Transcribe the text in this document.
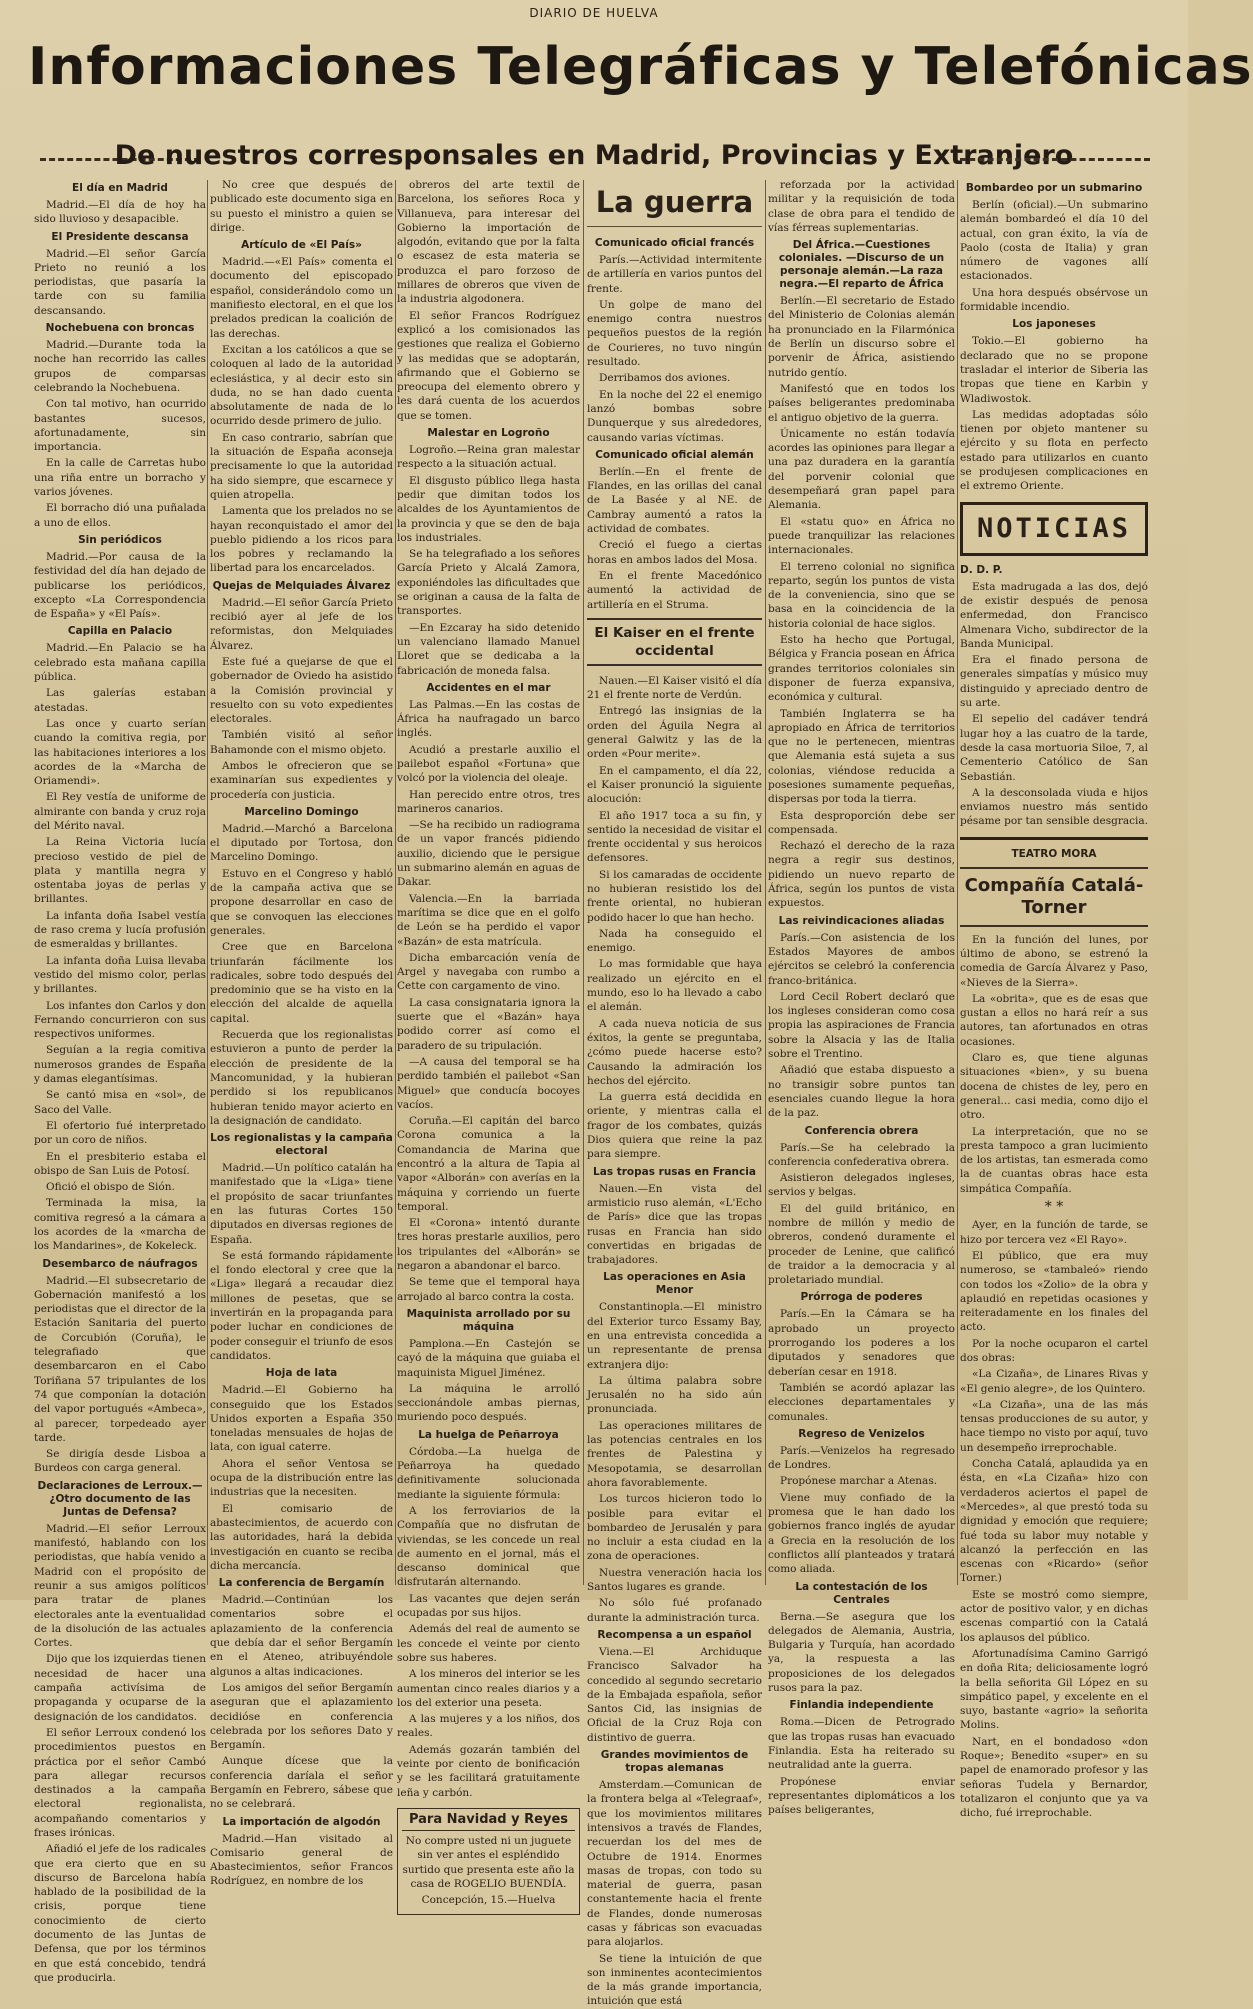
DIARIO DE HUELVA
Informaciones Telegráficas y Telefónicas
De nuestros corresponsales en Madrid, Provincias y Extranjero
El día en Madrid

Madrid.—El día de hoy ha sido lluvioso y desapacible.

El Presidente descansa

Madrid.—El señor García Prieto no reunió a los periodistas, que pasaría la tarde con su familia descansando.

Nochebuena con broncas

Madrid.—Durante toda la noche han recorrido las calles grupos de comparsas celebrando la Nochebuena.

Con tal motivo, han ocurrido bastantes sucesos, afortunadamente, sin importancia.

En la calle de Carretas hubo una riña entre un borracho y varios jóvenes.

El borracho dió una puñalada a uno de ellos.

Sin periódicos

Madrid.—Por causa de la festividad del día han dejado de publicarse los periódicos, excepto «La Correspondencia de España» y «El País».

Capilla en Palacio

Madrid.—En Palacio se ha celebrado esta mañana capilla pública.

Las galerías estaban atestadas.

Las once y cuarto serían cuando la comitiva regia, por las habitaciones interiores a los acordes de la «Marcha de Oriamendi».

El Rey vestía de uniforme de almirante con banda y cruz roja del Mérito naval.

La Reina Victoria lucía precioso vestido de piel de plata y mantilla negra y ostentaba joyas de perlas y brillantes.

La infanta doña Isabel vestía de raso crema y lucía profusión de esmeraldas y brillantes.

La infanta doña Luisa llevaba vestido del mismo color, perlas y brillantes.

Los infantes don Carlos y don Fernando concurrieron con sus respectivos uniformes.

Seguían a la regia comitiva numerosos grandes de España y damas elegantísimas.

Se cantó misa en «sol», de Saco del Valle.

El ofertorio fué interpretado por un coro de niños.

En el presbiterio estaba el obispo de San Luis de Potosí.

Ofició el obispo de Sión.

Terminada la misa, la comitiva regresó a la cámara a los acordes de la «marcha de los Mandarines», de Kokeleck.

Desembarco de náufragos

Madrid.—El subsecretario de Gobernación manifestó a los periodistas que el director de la Estación Sanitaria del puerto de Corcubión (Coruña), le telegrafiado que desembarcaron en el Cabo Toriñana 57 tripulantes de los 74 que componían la dotación del vapor portugués «Ambeca», al parecer, torpedeado ayer tarde.

Se dirigía desde Lisboa a Burdeos con carga general.

Declaraciones de Lerroux.—¿Otro documento de las Juntas de Defensa?

Madrid.—El señor Lerroux manifestó, hablando con los periodistas, que había venido a Madrid con el propósito de reunir a sus amigos políticos para tratar de planes electorales ante la eventualidad de la disolución de las actuales Cortes.

Dijo que los izquierdas tienen necesidad de hacer una campaña activísima de propaganda y ocuparse de la designación de los candidatos.

El señor Lerroux condenó los procedimientos puestos en práctica por el señor Cambó para allegar recursos destinados a la campaña electoral regionalista, acompañando comentarios y frases irónicas.

Añadió el jefe de los radicales que era cierto que en su discurso de Barcelona había hablado de la posibilidad de la crisis, porque tiene conocimiento de cierto documento de las Juntas de Defensa, que por los términos en que está concebido, tendrá que producirla.

No cree que después de publicado este documento siga en su puesto el ministro a quien se dirige.

Artículo de «El País»

Madrid.—«El País» comenta el documento del episcopado español, considerándolo como un manifiesto electoral, en el que los prelados predican la coalición de las derechas.

Excitan a los católicos a que se coloquen al lado de la autoridad eclesiástica, y al decir esto sin duda, no se han dado cuenta absolutamente de nada de lo ocurrido desde primero de julio.

En caso contrario, sabrían que la situación de España aconseja precisamente lo que la autoridad ha sido siempre, que escarnece y quien atropella.

Lamenta que los prelados no se hayan reconquistado el amor del pueblo pidiendo a los ricos para los pobres y reclamando la libertad para los encarcelados.

Quejas de Melquiades Álvarez

Madrid.—El señor García Prieto recibió ayer al jefe de los reformistas, don Melquiades Álvarez.

Este fué a quejarse de que el gobernador de Oviedo ha asistido a la Comisión provincial y resuelto con su voto expedientes electorales.

También visitó al señor Bahamonde con el mismo objeto.

Ambos le ofrecieron que se examinarían sus expedientes y procedería con justicia.

Marcelino Domingo

Madrid.—Marchó a Barcelona el diputado por Tortosa, don Marcelino Domingo.

Estuvo en el Congreso y habló de la campaña activa que se propone desarrollar en caso de que se convoquen las elecciones generales.

Cree que en Barcelona triunfarán fácilmente los radicales, sobre todo después del predominio que se ha visto en la elección del alcalde de aquella capital.

Recuerda que los regionalistas estuvieron a punto de perder la elección de presidente de la Mancomunidad, y la hubieran perdido si los republicanos hubieran tenido mayor acierto en la designación de candidato.

Los regionalistas y la campaña electoral

Madrid.—Un político catalán ha manifestado que la «Liga» tiene el propósito de sacar triunfantes en las futuras Cortes 150 diputados en diversas regiones de España.

Se está formando rápidamente el fondo electoral y cree que la «Liga» llegará a recaudar diez millones de pesetas, que se invertirán en la propaganda para poder luchar en condiciones de poder conseguir el triunfo de esos candidatos.

Hoja de lata

Madrid.—El Gobierno ha conseguido que los Estados Unidos exporten a España 350 toneladas mensuales de hojas de lata, con igual caterre.

Ahora el señor Ventosa se ocupa de la distribución entre las industrias que la necesiten.

El comisario de abastecimientos, de acuerdo con las autoridades, hará la debida investigación en cuanto se reciba dicha mercancía.

La conferencia de Bergamín

Madrid.—Continúan los comentarios sobre el aplazamiento de la conferencia que debía dar el señor Bergamín en el Ateneo, atribuyéndole algunos a altas indicaciones.

Los amigos del señor Bergamín aseguran que el aplazamiento decidióse en conferencia celebrada por los señores Dato y Bergamín.

Aunque dícese que la conferencia daríala el señor Bergamín en Febrero, sábese que no se celebrará.

La importación de algodón

Madrid.—Han visitado al Comisario general de Abastecimientos, señor Francos Rodríguez, en nombre de los

obreros del arte textil de Barcelona, los señores Roca y Villanueva, para interesar del Gobierno la importación de algodón, evitando que por la falta o escasez de esta materia se produzca el paro forzoso de millares de obreros que viven de la industria algodonera.

El señor Francos Rodríguez explicó a los comisionados las gestiones que realiza el Gobierno y las medidas que se adoptarán, afirmando que el Gobierno se preocupa del elemento obrero y les dará cuenta de los acuerdos que se tomen.

Malestar en Logroño

Logroño.—Reina gran malestar respecto a la situación actual.

El disgusto público llega hasta pedir que dimitan todos los alcaldes de los Ayuntamientos de la provincia y que se den de baja los industriales.

Se ha telegrafiado a los señores García Prieto y Alcalá Zamora, exponiéndoles las dificultades que se originan a causa de la falta de transportes.

—En Ezcaray ha sido detenido un valenciano llamado Manuel Lloret que se dedicaba a la fabricación de moneda falsa.

Accidentes en el mar

Las Palmas.—En las costas de África ha naufragado un barco inglés.

Acudió a prestarle auxilio el pailebot español «Fortuna» que volcó por la violencia del oleaje.

Han perecido entre otros, tres marineros canarios.

—Se ha recibido un radiograma de un vapor francés pidiendo auxilio, diciendo que le persigue un submarino alemán en aguas de Dakar.

Valencia.—En la barriada marítima se dice que en el golfo de León se ha perdido el vapor «Bazán» de esta matrícula.

Dicha embarcación venía de Argel y navegaba con rumbo a Cette con cargamento de vino.

La casa consignataria ignora la suerte que el «Bazán» haya podido correr así como el paradero de su tripulación.

—A causa del temporal se ha perdido también el pailebot «San Miguel» que conducía bocoyes vacíos.

Coruña.—El capitán del barco Corona comunica a la Comandancia de Marina que encontró a la altura de Tapia al vapor «Alborán» con averías en la máquina y corriendo un fuerte temporal.

El «Corona» intentó durante tres horas prestarle auxilios, pero los tripulantes del «Alborán» se negaron a abandonar el barco.

Se teme que el temporal haya arrojado al barco contra la costa.

Maquinista arrollado por su máquina

Pamplona.—En Castejón se cayó de la máquina que guiaba el maquinista Miguel Jiménez.

La máquina le arrolló seccionándole ambas piernas, muriendo poco después.

La huelga de Peñarroya

Córdoba.—La huelga de Peñarroya ha quedado definitivamente solucionada mediante la siguiente fórmula:

A los ferroviarios de la Compañía que no disfrutan de viviendas, se les concede un real de aumento en el jornal, más el descanso dominical que disfrutarán alternando.

Las vacantes que dejen serán ocupadas por sus hijos.

Además del real de aumento se les concede el veinte por ciento sobre sus haberes.

A los mineros del interior se les aumentan cinco reales diarios y a los del exterior una peseta.

A las mujeres y a los niños, dos reales.

Además gozarán también del veinte por ciento de bonificación y se les facilitará gratuitamente leña y carbón.

Para Navidad y Reyes

No compre usted ni un juguete sin ver antes el espléndido surtido que presenta este año la casa de ROGELIO BUENDÍA.

Concepción, 15.—Huelva

La guerra
Comunicado oficial francés

París.—Actividad intermitente de artillería en varios puntos del frente.

Un golpe de mano del enemigo contra nuestros pequeños puestos de la región de Courieres, no tuvo ningún resultado.

Derribamos dos aviones.

En la noche del 22 el enemigo lanzó bombas sobre Dunquerque y sus alrededores, causando varias víctimas.

Comunicado oficial alemán

Berlín.—En el frente de Flandes, en las orillas del canal de La Basée y al NE. de Cambray aumentó a ratos la actividad de combates.

Creció el fuego a ciertas horas en ambos lados del Mosa.

En el frente Macedónico aumentó la actividad de artillería en el Struma.

El Kaiser en el frente occidental

Nauen.—El Kaiser visitó el día 21 el frente norte de Verdún.

Entregó las insignias de la orden del Águila Negra al general Galwitz y las de la orden «Pour merite».

En el campamento, el día 22, el Kaiser pronunció la siguiente alocución:

El año 1917 toca a su fin, y sentido la necesidad de visitar el frente occidental y sus heroicos defensores.

Si los camaradas de occidente no hubieran resistido los del frente oriental, no hubieran podido hacer lo que han hecho.

Nada ha conseguido el enemigo.

Lo mas formidable que haya realizado un ejército en el mundo, eso lo ha llevado a cabo el alemán.

A cada nueva noticia de sus éxitos, la gente se preguntaba, ¿cómo puede hacerse esto? Causando la admiración los hechos del ejército.

La guerra está decidida en oriente, y mientras calla el fragor de los combates, quizás Dios quiera que reine la paz para siempre.

Las tropas rusas en Francia

Nauen.—En vista del armisticio ruso alemán, «L'Echo de París» dice que las tropas rusas en Francia han sido convertidas en brigadas de trabajadores.

Las operaciones en Asia Menor

Constantinopla.—El ministro del Exterior turco Essamy Bay, en una entrevista concedida a un representante de prensa extranjera dijo:

La última palabra sobre Jerusalén no ha sido aún pronunciada.

Las operaciones militares de las potencias centrales en los frentes de Palestina y Mesopotamia, se desarrollan ahora favorablemente.

Los turcos hicieron todo lo posible para evitar el bombardeo de Jerusalén y para no incluir a esta ciudad en la zona de operaciones.

Nuestra veneración hacia los Santos lugares es grande.

No sólo fué profanado durante la administración turca.

Recompensa a un español

Viena.—El Archiduque Francisco Salvador ha concedido al segundo secretario de la Embajada española, señor Santos Cid, las insignias de Oficial de la Cruz Roja con distintivo de guerra.

Grandes movimientos de tropas alemanas

Amsterdam.—Comunican de la frontera belga al «Telegraaf», que los movimientos militares intensivos a través de Flandes, recuerdan los del mes de Octubre de 1914. Enormes masas de tropas, con todo su material de guerra, pasan constantemente hacia el frente de Flandes, donde numerosas casas y fábricas son evacuadas para alojarlos.

Se tiene la intuición de que son inminentes acontecimientos de la más grande importancia, intuición que está

reforzada por la actividad militar y la requisición de toda clase de obra para el tendido de vías férreas suplementarias.

Del África.—Cuestiones coloniales. —Discurso de un personaje alemán.—La raza negra.—El reparto de África

Berlín.—El secretario de Estado del Ministerio de Colonias alemán ha pronunciado en la Filarmónica de Berlín un discurso sobre el porvenir de África, asistiendo nutrido gentío.

Manifestó que en todos los países beligerantes predominaba el antiguo objetivo de la guerra.

Únicamente no están todavía acordes las opiniones para llegar a una paz duradera en la garantía del porvenir colonial que desempeñará gran papel para Alemania.

El «statu quo» en África no puede tranquilizar las relaciones internacionales.

El terreno colonial no significa reparto, según los puntos de vista de la conveniencia, sino que se basa en la coincidencia de la historia colonial de hace siglos.

Esto ha hecho que Portugal, Bélgica y Francia posean en África grandes territorios coloniales sin disponer de fuerza expansiva, económica y cultural.

También Inglaterra se ha apropiado en África de territorios que no le pertenecen, mientras que Alemania está sujeta a sus colonias, viéndose reducida a posesiones sumamente pequeñas, dispersas por toda la tierra.

Esta desproporción debe ser compensada.

Rechazó el derecho de la raza negra a regir sus destinos, pidiendo un nuevo reparto de África, según los puntos de vista expuestos.

Las reivindicaciones aliadas

París.—Con asistencia de los Estados Mayores de ambos ejércitos se celebró la conferencia franco-británica.

Lord Cecil Robert declaró que los ingleses consideran como cosa propia las aspiraciones de Francia sobre la Alsacia y las de Italia sobre el Trentino.

Añadió que estaba dispuesto a no transigir sobre puntos tan esenciales cuando llegue la hora de la paz.

Conferencia obrera

París.—Se ha celebrado la conferencia confederativa obrera.

Asistieron delegados ingleses, servios y belgas.

El del guild británico, en nombre de millón y medio de obreros, condenó duramente el proceder de Lenine, que calificó de traidor a la democracia y al proletariado mundial.

Prórroga de poderes

París.—En la Cámara se ha aprobado un proyecto prorrogando los poderes a los diputados y senadores que deberían cesar en 1918.

También se acordó aplazar las elecciones departamentales y comunales.

Regreso de Venizelos

París.—Venizelos ha regresado de Londres.

Propónese marchar a Atenas.

Viene muy confiado de la promesa que le han dado los gobiernos franco inglés de ayudar a Grecia en la resolución de los conflictos allí planteados y tratará como aliada.

La contestación de los Centrales

Berna.—Se asegura que los delegados de Alemania, Austria, Bulgaria y Turquía, han acordado ya, la respuesta a las proposiciones de los delegados rusos para la paz.

Finlandia independiente

Roma.—Dicen de Petrogrado que las tropas rusas han evacuado Finlandia. Esta ha reiterado su neutralidad ante la guerra.

Propónese enviar representantes diplomáticos a los países beligerantes,

Bombardeo por un submarino

Berlín (oficial).—Un submarino alemán bombardeó el día 10 del actual, con gran éxito, la vía de Paolo (costa de Italia) y gran número de vagones allí estacionados.

Una hora después obsérvose un formidable incendio.

Los japoneses

Tokio.—El gobierno ha declarado que no se propone trasladar el interior de Siberia las tropas que tiene en Karbin y Wladiwostok.

Las medidas adoptadas sólo tienen por objeto mantener su ejército y su flota en perfecto estado para utilizarlos en cuanto se produjesen complicaciones en el extremo Oriente.

NOTICIAS
D. D. P.

Esta madrugada a las dos, dejó de existir después de penosa enfermedad, don Francisco Almenara Vicho, subdirector de la Banda Municipal.

Era el finado persona de generales simpatías y músico muy distinguido y apreciado dentro de su arte.

El sepelio del cadáver tendrá lugar hoy a las cuatro de la tarde, desde la casa mortuoria Siloe, 7, al Cementerio Católico de San Sebastián.

A la desconsolada viuda e hijos enviamos nuestro más sentido pésame por tan sensible desgracia.

TEATRO MORA
Compañía Catalá-Torner

En la función del lunes, por último de abono, se estrenó la comedia de García Álvarez y Paso, «Nieves de la Sierra».

La «obrita», que es de esas que gustan a ellos no hará reír a sus autores, tan afortunados en otras ocasiones.

Claro es, que tiene algunas situaciones «bien», y su buena docena de chistes de ley, pero en general... casi media, como dijo el otro.

La interpretación, que no se presta tampoco a gran lucimiento de los artistas, tan esmerada como la de cuantas obras hace esta simpática Compañía.

* *

Ayer, en la función de tarde, se hizo por tercera vez «El Rayo».

El público, que era muy numeroso, se «tambaleó» riendo con todos los «Zolio» de la obra y aplaudió en repetidas ocasiones y reiteradamente en los finales del acto.

Por la noche ocuparon el cartel dos obras:

«La Cizaña», de Linares Rivas y «El genio alegre», de los Quintero.

«La Cizaña», una de las más tensas producciones de su autor, y hace tiempo no visto por aquí, tuvo un desempeño irreprochable.

Concha Catalá, aplaudida ya en ésta, en «La Cizaña» hizo con verdaderos aciertos el papel de «Mercedes», al que prestó toda su dignidad y emoción que requiere; fué toda su labor muy notable y alcanzó la perfección en las escenas con «Ricardo» (señor Torner.)

Este se mostró como siempre, actor de positivo valor, y en dichas escenas compartió con la Catalá los aplausos del público.

Afortunadísima Camino Garrigó en doña Rita; deliciosamente logró la bella señorita Gil López en su simpático papel, y excelente en el suyo, bastante «agrio» la señorita Molins.

Nart, en el bondadoso «don Roque»; Benedito «super» en su papel de enamorado profesor y las señoras Tudela y Bernardor, totalizaron el conjunto que ya va dicho, fué irreprochable.
